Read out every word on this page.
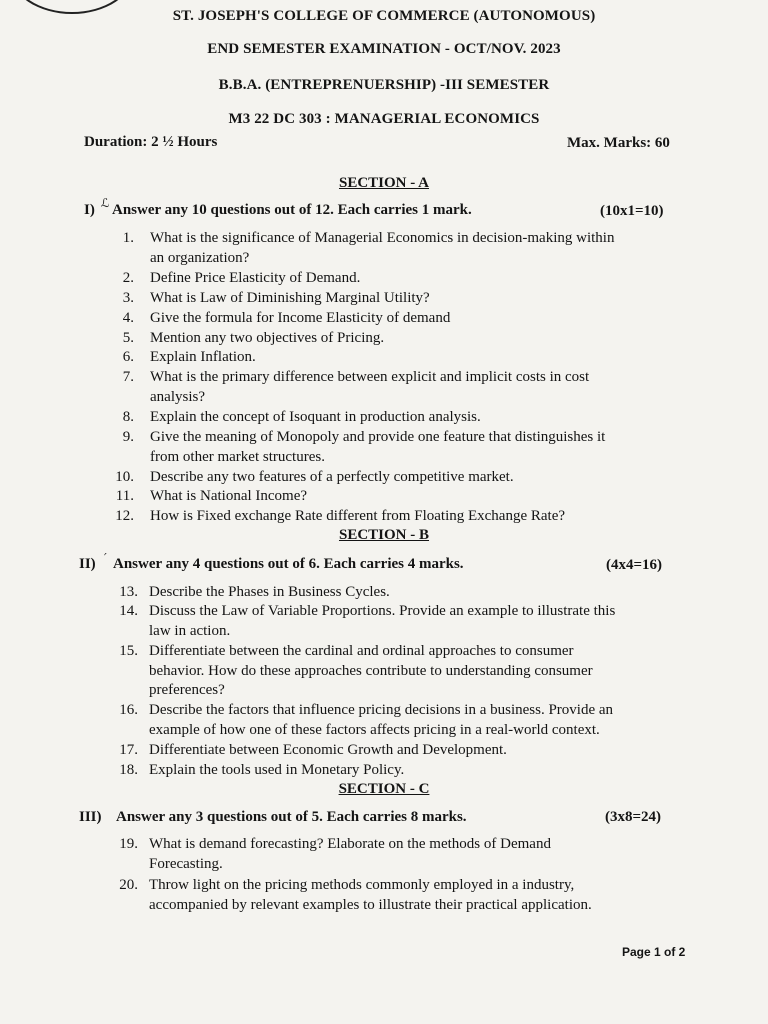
ST. JOSEPH'S COLLEGE OF COMMERCE (AUTONOMOUS)
END SEMESTER EXAMINATION - OCT/NOV. 2023
B.B.A. (ENTREPRENUERSHIP) -III SEMESTER
M3 22 DC 303 : MANAGERIAL ECONOMICS
Duration: 2 ½ Hours	Max. Marks: 60
SECTION - A
I) Answer any 10 questions out of 12. Each carries 1 mark.	(10x1=10)
SECTION - B
II) Answer any 4 questions out of 6. Each carries 4 marks.	(4x4=16)
SECTION - C
III) Answer any 3 questions out of 5. Each carries 8 marks.	(3x8=24)
Page 1 of 2
ℒ
′
1. What is the significance of Managerial Economics in decision-making within
an organization?
2. Define Price Elasticity of Demand.
3. What is Law of Diminishing Marginal Utility?
4. Give the formula for Income Elasticity of demand
5. Mention any two objectives of Pricing.
6. Explain Inflation.
7. What is the primary difference between explicit and implicit costs in cost
analysis?
8. Explain the concept of Isoquant in production analysis.
9. Give the meaning of Monopoly and provide one feature that distinguishes it
from other market structures.
10. Describe any two features of a perfectly competitive market.
11. What is National Income?
12. How is Fixed exchange Rate different from Floating Exchange Rate?
13. Describe the Phases in Business Cycles.
14. Discuss the Law of Variable Proportions. Provide an example to illustrate this
law in action.
15. Differentiate between the cardinal and ordinal approaches to consumer
behavior. How do these approaches contribute to understanding consumer
preferences?
16. Describe the factors that influence pricing decisions in a business. Provide an
example of how one of these factors affects pricing in a real-world context.
17. Differentiate between Economic Growth and Development.
18. Explain the tools used in Monetary Policy.
19. What is demand forecasting? Elaborate on the methods of Demand
Forecasting.
20. Throw light on the pricing methods commonly employed in a industry,
accompanied by relevant examples to illustrate their practical application.
